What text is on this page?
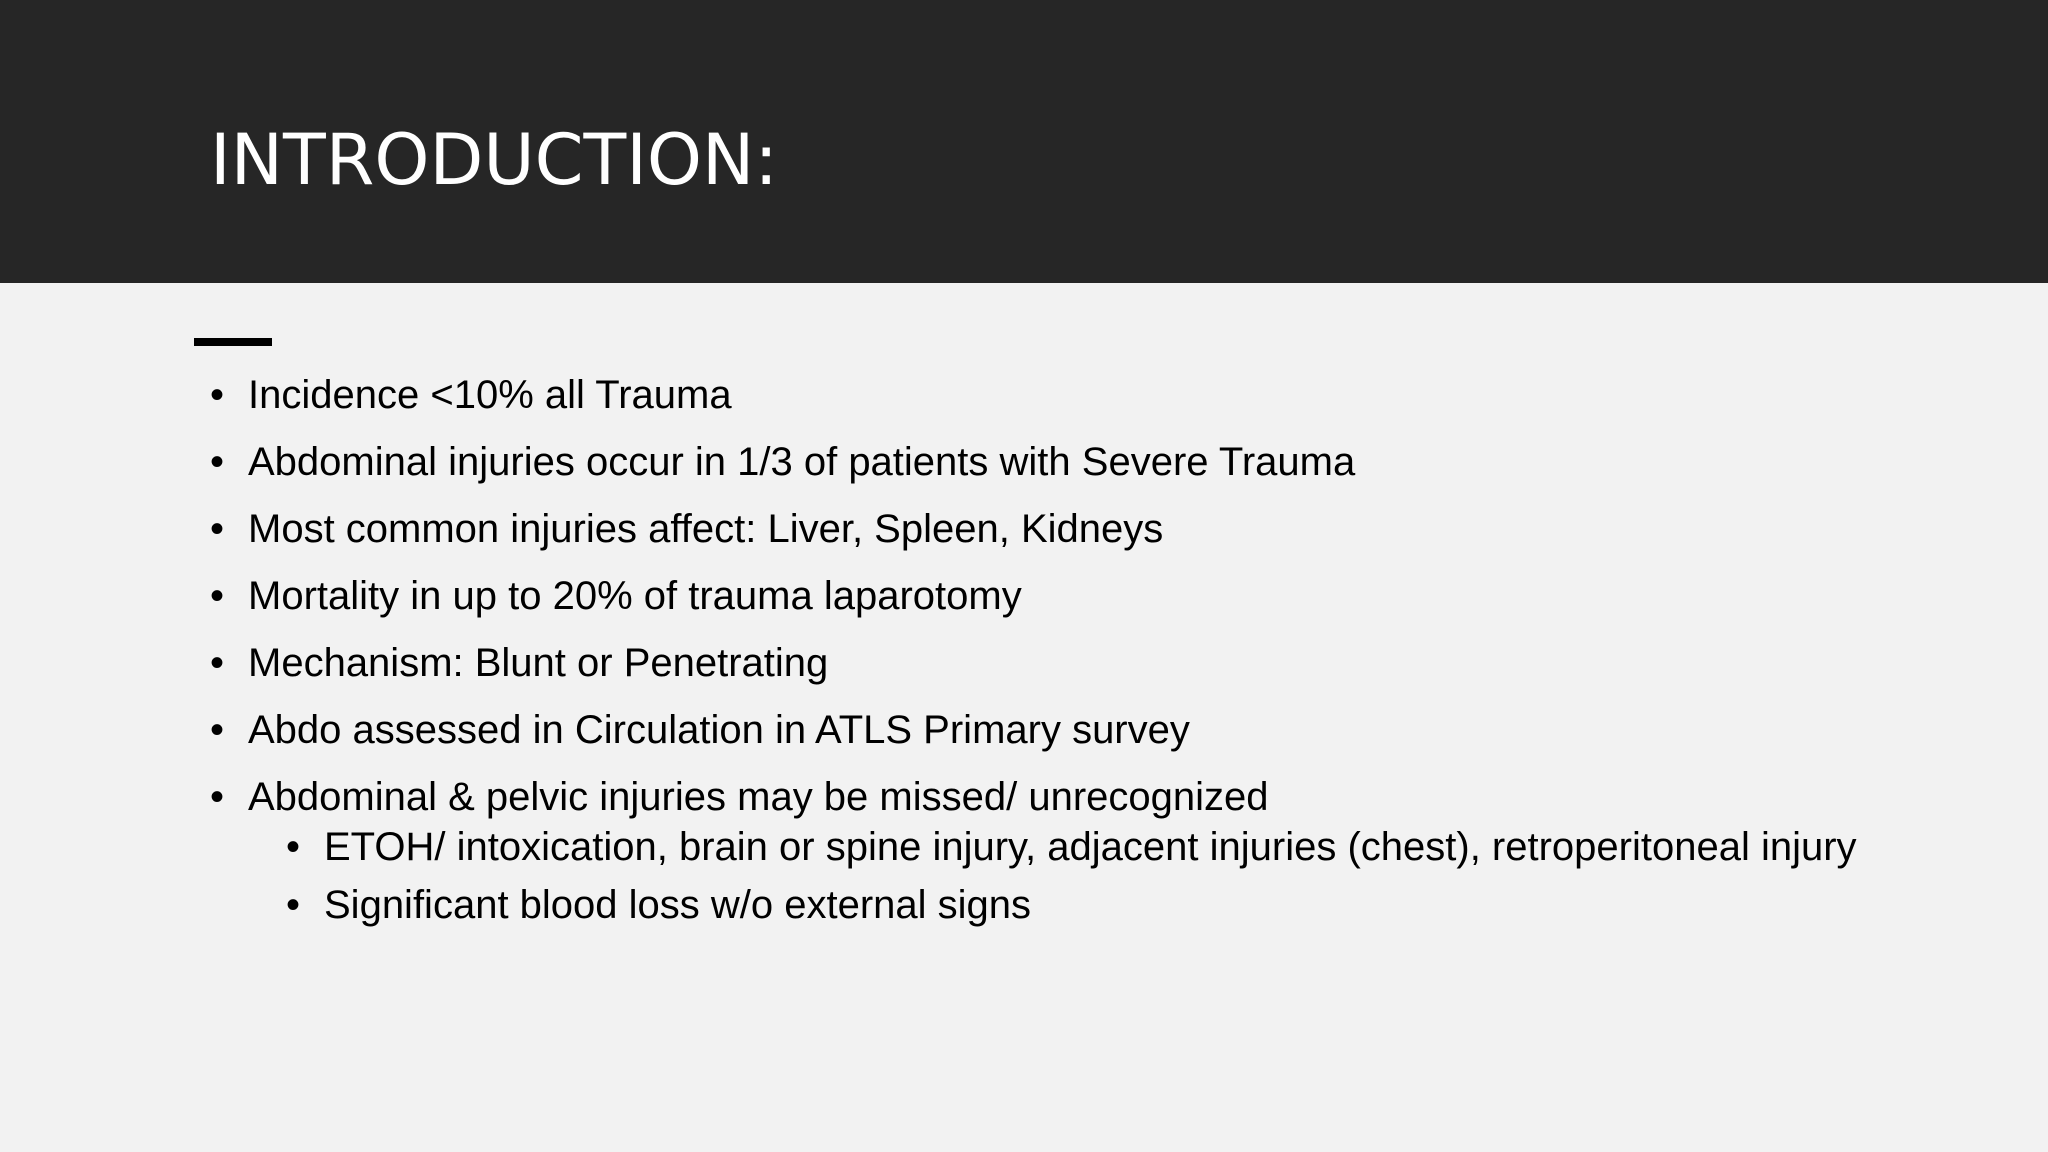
INTRODUCTION:
• Incidence <10% all Trauma
• Abdominal injuries occur in 1/3 of patients with Severe Trauma
• Most common injuries affect: Liver, Spleen, Kidneys
• Mortality in up to 20% of trauma laparotomy
• Mechanism: Blunt or Penetrating
• Abdo assessed in Circulation in ATLS Primary survey
• Abdominal & pelvic injuries may be missed/ unrecognized
• ETOH/ intoxication, brain or spine injury, adjacent injuries (chest), retroperitoneal injury
• Significant blood loss w/o external signs
